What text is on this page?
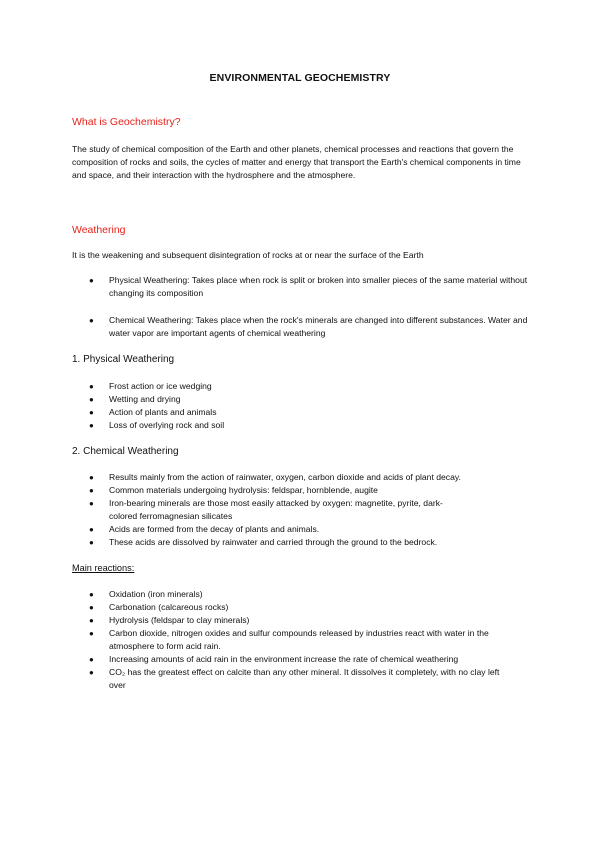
ENVIRONMENTAL GEOCHEMISTRY
What is Geochemistry?
The study of chemical composition of the Earth and other planets, chemical processes and reactions that govern the composition of rocks and soils, the cycles of matter and energy that transport the Earth's chemical components in time and space, and their interaction with the hydrosphere and the atmosphere.
Weathering
It is the weakening and subsequent disintegration of rocks at or near the surface of the Earth
● Physical Weathering: Takes place when rock is split or broken into smaller pieces of the same material without changing its composition
● Chemical Weathering: Takes place when the rock's minerals are changed into different substances. Water and water vapor are important agents of chemical weathering
1. Physical Weathering
● Frost action or ice wedging
● Wetting and drying
● Action of plants and animals
● Loss of overlying rock and soil
2. Chemical Weathering
● Results mainly from the action of rainwater, oxygen, carbon dioxide and acids of plant decay.
● Common materials undergoing hydrolysis: feldspar, hornblende, augite
● Iron-bearing minerals are those most easily attacked by oxygen: magnetite, pyrite, dark-colored ferromagnesian silicates
● Acids are formed from the decay of plants and animals.
● These acids are dissolved by rainwater and carried through the ground to the bedrock.
Main reactions:
● Oxidation (iron minerals)
● Carbonation (calcareous rocks)
● Hydrolysis (feldspar to clay minerals)
● Carbon dioxide, nitrogen oxides and sulfur compounds released by industries react with water in the atmosphere to form acid rain.
● Increasing amounts of acid rain in the environment increase the rate of chemical weathering
● CO₂ has the greatest effect on calcite than any other mineral. It dissolves it completely, with no clay left over
